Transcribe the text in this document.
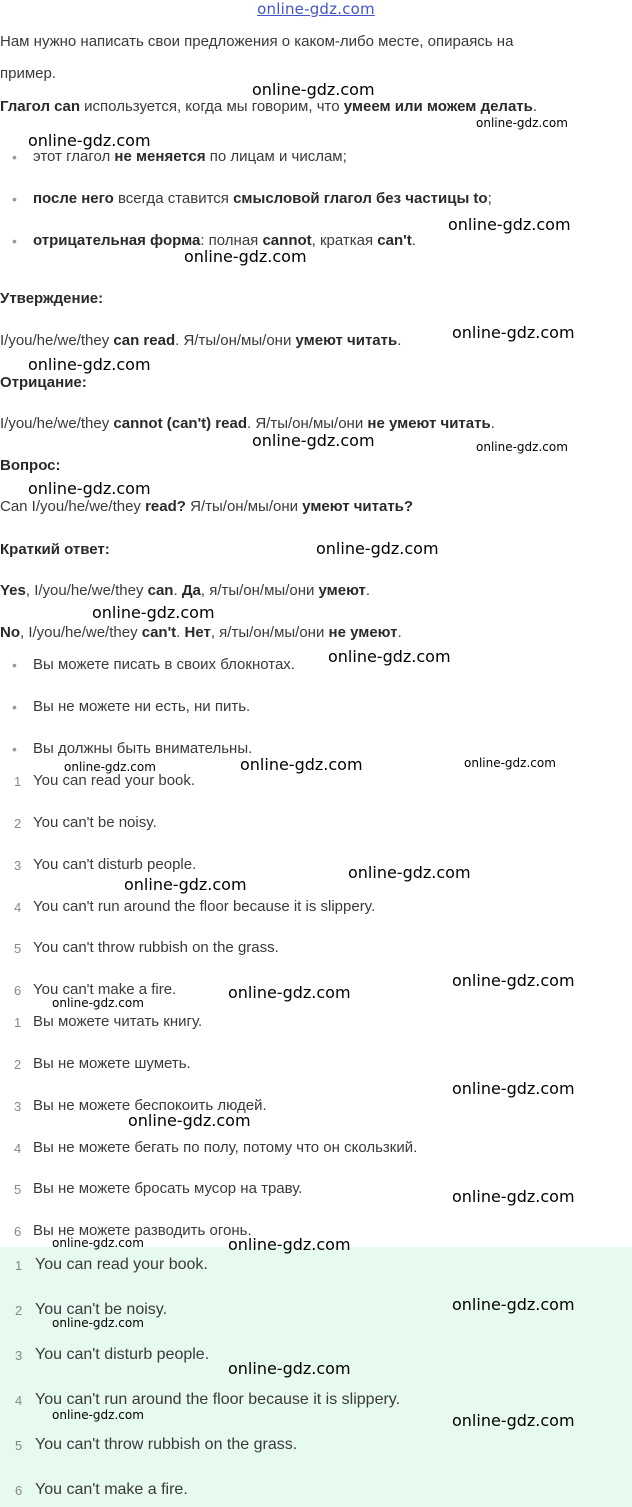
online-gdz.com
Нам нужно написать свои предложения о каком-либо месте, опираясь на
пример.
Глагол can используется, когда мы говорим, что умеем или можем делать.
• этот глагол не меняется по лицам и числам;
• после него всегда ставится смысловой глагол без частицы to;
• отрицательная форма: полная cannot, краткая can't.
Утверждение:
I/you/he/we/they can read. Я/ты/он/мы/они умеют читать.
Отрицание:
I/you/he/we/they cannot (can't) read. Я/ты/он/мы/они не умеют читать.
Вопрос:
Can I/you/he/we/they read? Я/ты/он/мы/они умеют читать?
Краткий ответ:
Yes, I/you/he/we/they can. Да, я/ты/он/мы/они умеют.
No, I/you/he/we/they can't. Нет, я/ты/он/мы/они не умеют.
• Вы можете писать в своих блокнотах.
• Вы не можете ни есть, ни пить.
• Вы должны быть внимательны.
1 You can read your book.
2 You can't be noisy.
3 You can't disturb people.
4 You can't run around the floor because it is slippery.
5 You can't throw rubbish on the grass.
6 You can't make a fire.
1 Вы можете читать книгу.
2 Вы не можете шуметь.
3 Вы не можете беспокоить людей.
4 Вы не можете бегать по полу, потому что он скользкий.
5 Вы не можете бросать мусор на траву.
6 Вы не можете разводить огонь.
1 You can read your book.
2 You can't be noisy.
3 You can't disturb people.
4 You can't run around the floor because it is slippery.
5 You can't throw rubbish on the grass.
6 You can't make a fire.
online-gdz.com
online-gdz.com
online-gdz.com
online-gdz.com
online-gdz.com
online-gdz.com
online-gdz.com
online-gdz.com	online-gdz.com
online-gdz.com
online-gdz.com
online-gdz.com
online-gdz.com
online-gdz.com	online-gdz.com	online-gdz.com
online-gdz.com
online-gdz.com
online-gdz.com
online-gdz.com
online-gdz.com
online-gdz.com
online-gdz.com
online-gdz.com
online-gdz.com	online-gdz.com
online-gdz.com
online-gdz.com
online-gdz.com
online-gdz.com	online-gdz.com
